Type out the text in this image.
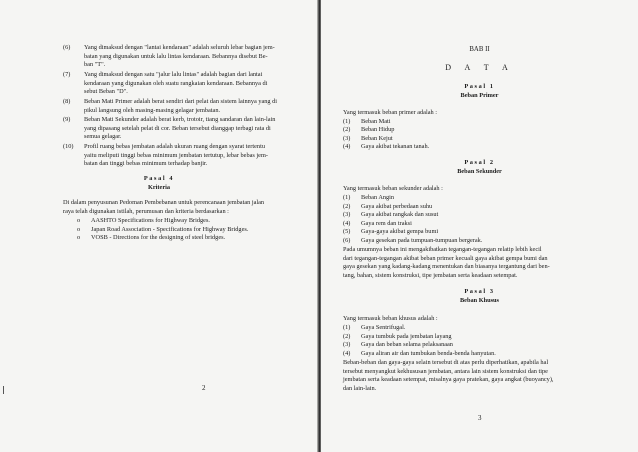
(6) Yang dimaksud dengan "lantai kendaraan" adalah seluruh lebar bagian jem-
batan yang digunakan untuk lalu lintas kendaraan. Bebannya disebut Be-
ban "T".
(7) Yang dimaksud dengan satu "jalur lalu lintas" adalah bagian dari lantai
kendaraan yang digunakan oleh suatu rangkaian kendaraan. Bebannya di
sebut Beban "D".
(8) Beban Mati Primer adalah berat sendiri dari pelat dan sistem lainnya yang di
pikul langsung oleh masing-masing gelagar jembatan.
(9) Beban Mati Sekunder adalah berat kerb, trotoir, tiang sandaran dan lain-lain
yang dipasang setelah pelat di cor. Beban tersebut dianggap terbagi rata di
semua gelagar.
(10) Profil ruang bebas jembatan adalah ukuran ruang dengan syarat tertentu
yaitu meliputi tinggi bebas minimum jembatan tertutup, lebar bebas jem-
batan dan tinggi bebas minimum terhadap banjir.
Pasal 4
Kriteria
Di dalam penyusunan Pedoman Pembebanan untuk perencanaan jembatan jalan
raya telah digunakan istilah, perumusan dan kriteria berdasarkan :
o AASHTO Specifications for Highway Bridges.
o Japan Road Association - Specifications for Highway Bridges.
o VOSB - Directions for the designing of steel bridges.
2
BAB II
D A T A
Pasal 1
Beban Primer
Yang termasuk beban primer adalah :
(1) Beban Mati
(2) Beban Hidup
(3) Beban Kejut
(4) Gaya akibat tekanan tanah.
Pasal 2
Beban Sekunder
Yang termasuk beban sekunder adalah :
(1) Beban Angin
(2) Gaya akibat perbedaan suhu
(3) Gaya akibat rangkak dan susut
(4) Gaya rem dan traksi
(5) Gaya-gaya akibat gempa bumi
(6) Gaya gesekan pada tumpuan-tumpuan bergerak.
Pada umumnya beban ini mengakibatkan tegangan-tegangan relatip lebih kecil
dari tegangan-tegangan akibat beban primer kecuali gaya akibat gempa bumi dan
gaya gesekan yang kadang-kadang menentukan dan biasanya tergantung dari ben-
tang, bahan, sistem konstruksi, tipe jembatan serta keadaan setempat.
Pasal 3
Beban Khusus
Yang termasuk beban khusus adalah :
(1) Gaya Sentrifugal.
(2) Gaya tumbuk pada jembatan layang
(3) Gaya dan beban selama pelaksanaan
(4) Gaya aliran air dan tumbukan benda-benda hanyutan.
Beban-beban dan gaya-gaya selain tersebut di atas perlu diperhatikan, apabila hal
tersebut menyangkut kekhususan jembatan, antara lain sistem konstruksi dan tipe
jembatan serta keadaan setempat, misalnya gaya pratekan, gaya angkat (buoyancy),
dan lain-lain.
3
